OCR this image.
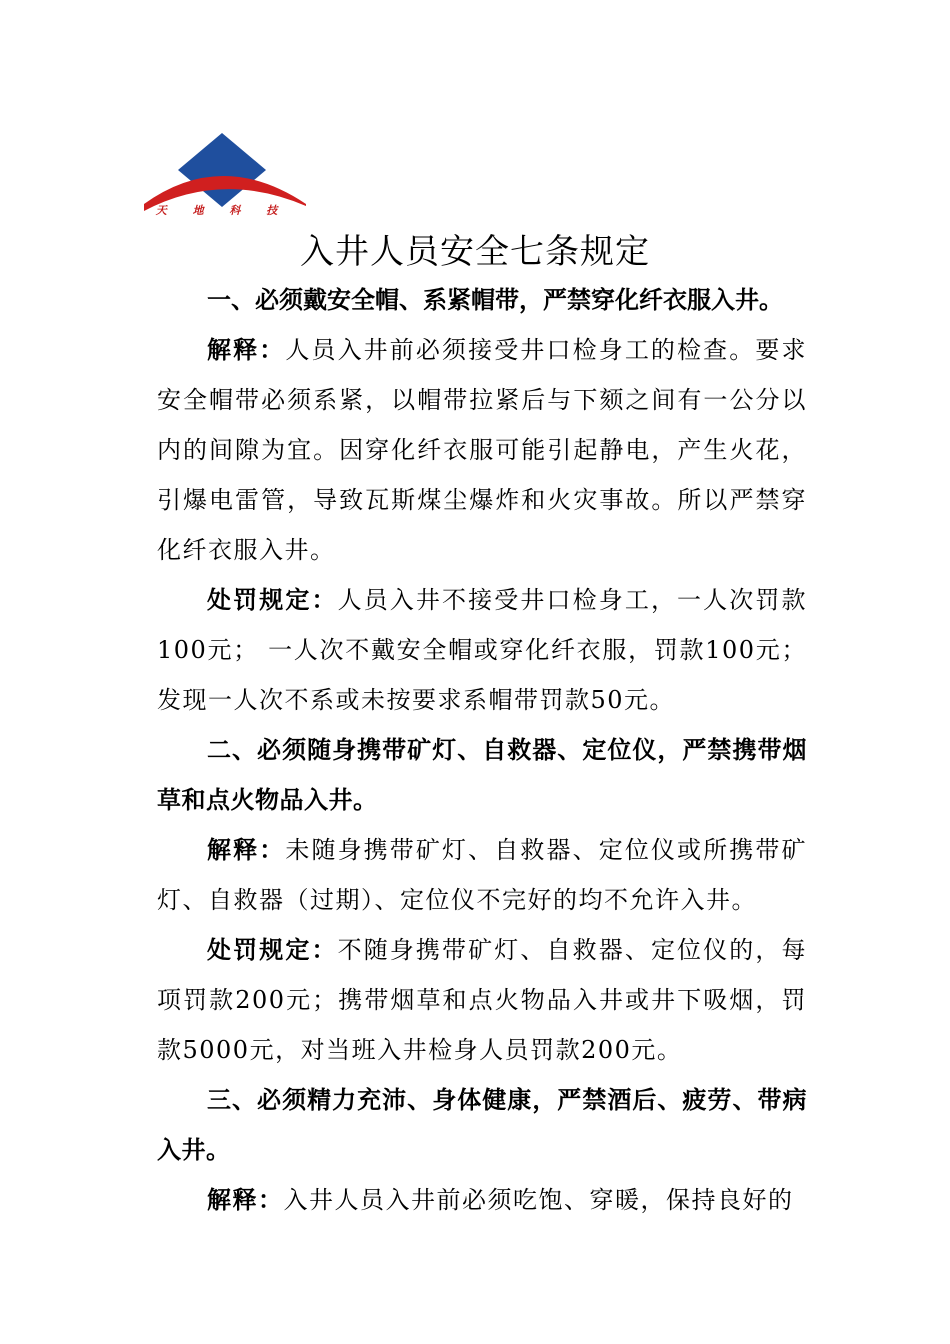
天 地 科 技
入井人员安全七条规定

一、必须戴安全帽、系紧帽带，严禁穿化纤衣服入井。

解释：人员入井前必须接受井口检身工的检查。要求安全帽带必须系紧，以帽带拉紧后与下颏之间有一公分以内的间隙为宜。因穿化纤衣服可能引起静电，产生火花，引爆电雷管，导致瓦斯煤尘爆炸和火灾事故。所以严禁穿化纤衣服入井。

处罚规定：人员入井不接受井口检身工，一人次罚款100元； 一人次不戴安全帽或穿化纤衣服，罚款100元；发现一人次不系或未按要求系帽带罚款50元。

二、必须随身携带矿灯、自救器、定位仪，严禁携带烟草和点火物品入井。

解释：未随身携带矿灯、自救器、定位仪或所携带矿灯、自救器（过期）、定位仪不完好的均不允许入井。

处罚规定：不随身携带矿灯、自救器、定位仪的，每项罚款200元；携带烟草和点火物品入井或井下吸烟，罚款5000元，对当班入井检身人员罚款200元。

三、必须精力充沛、身体健康，严禁酒后、疲劳、带病入井。

解释：入井人员入井前必须吃饱、穿暖，保持良好的
